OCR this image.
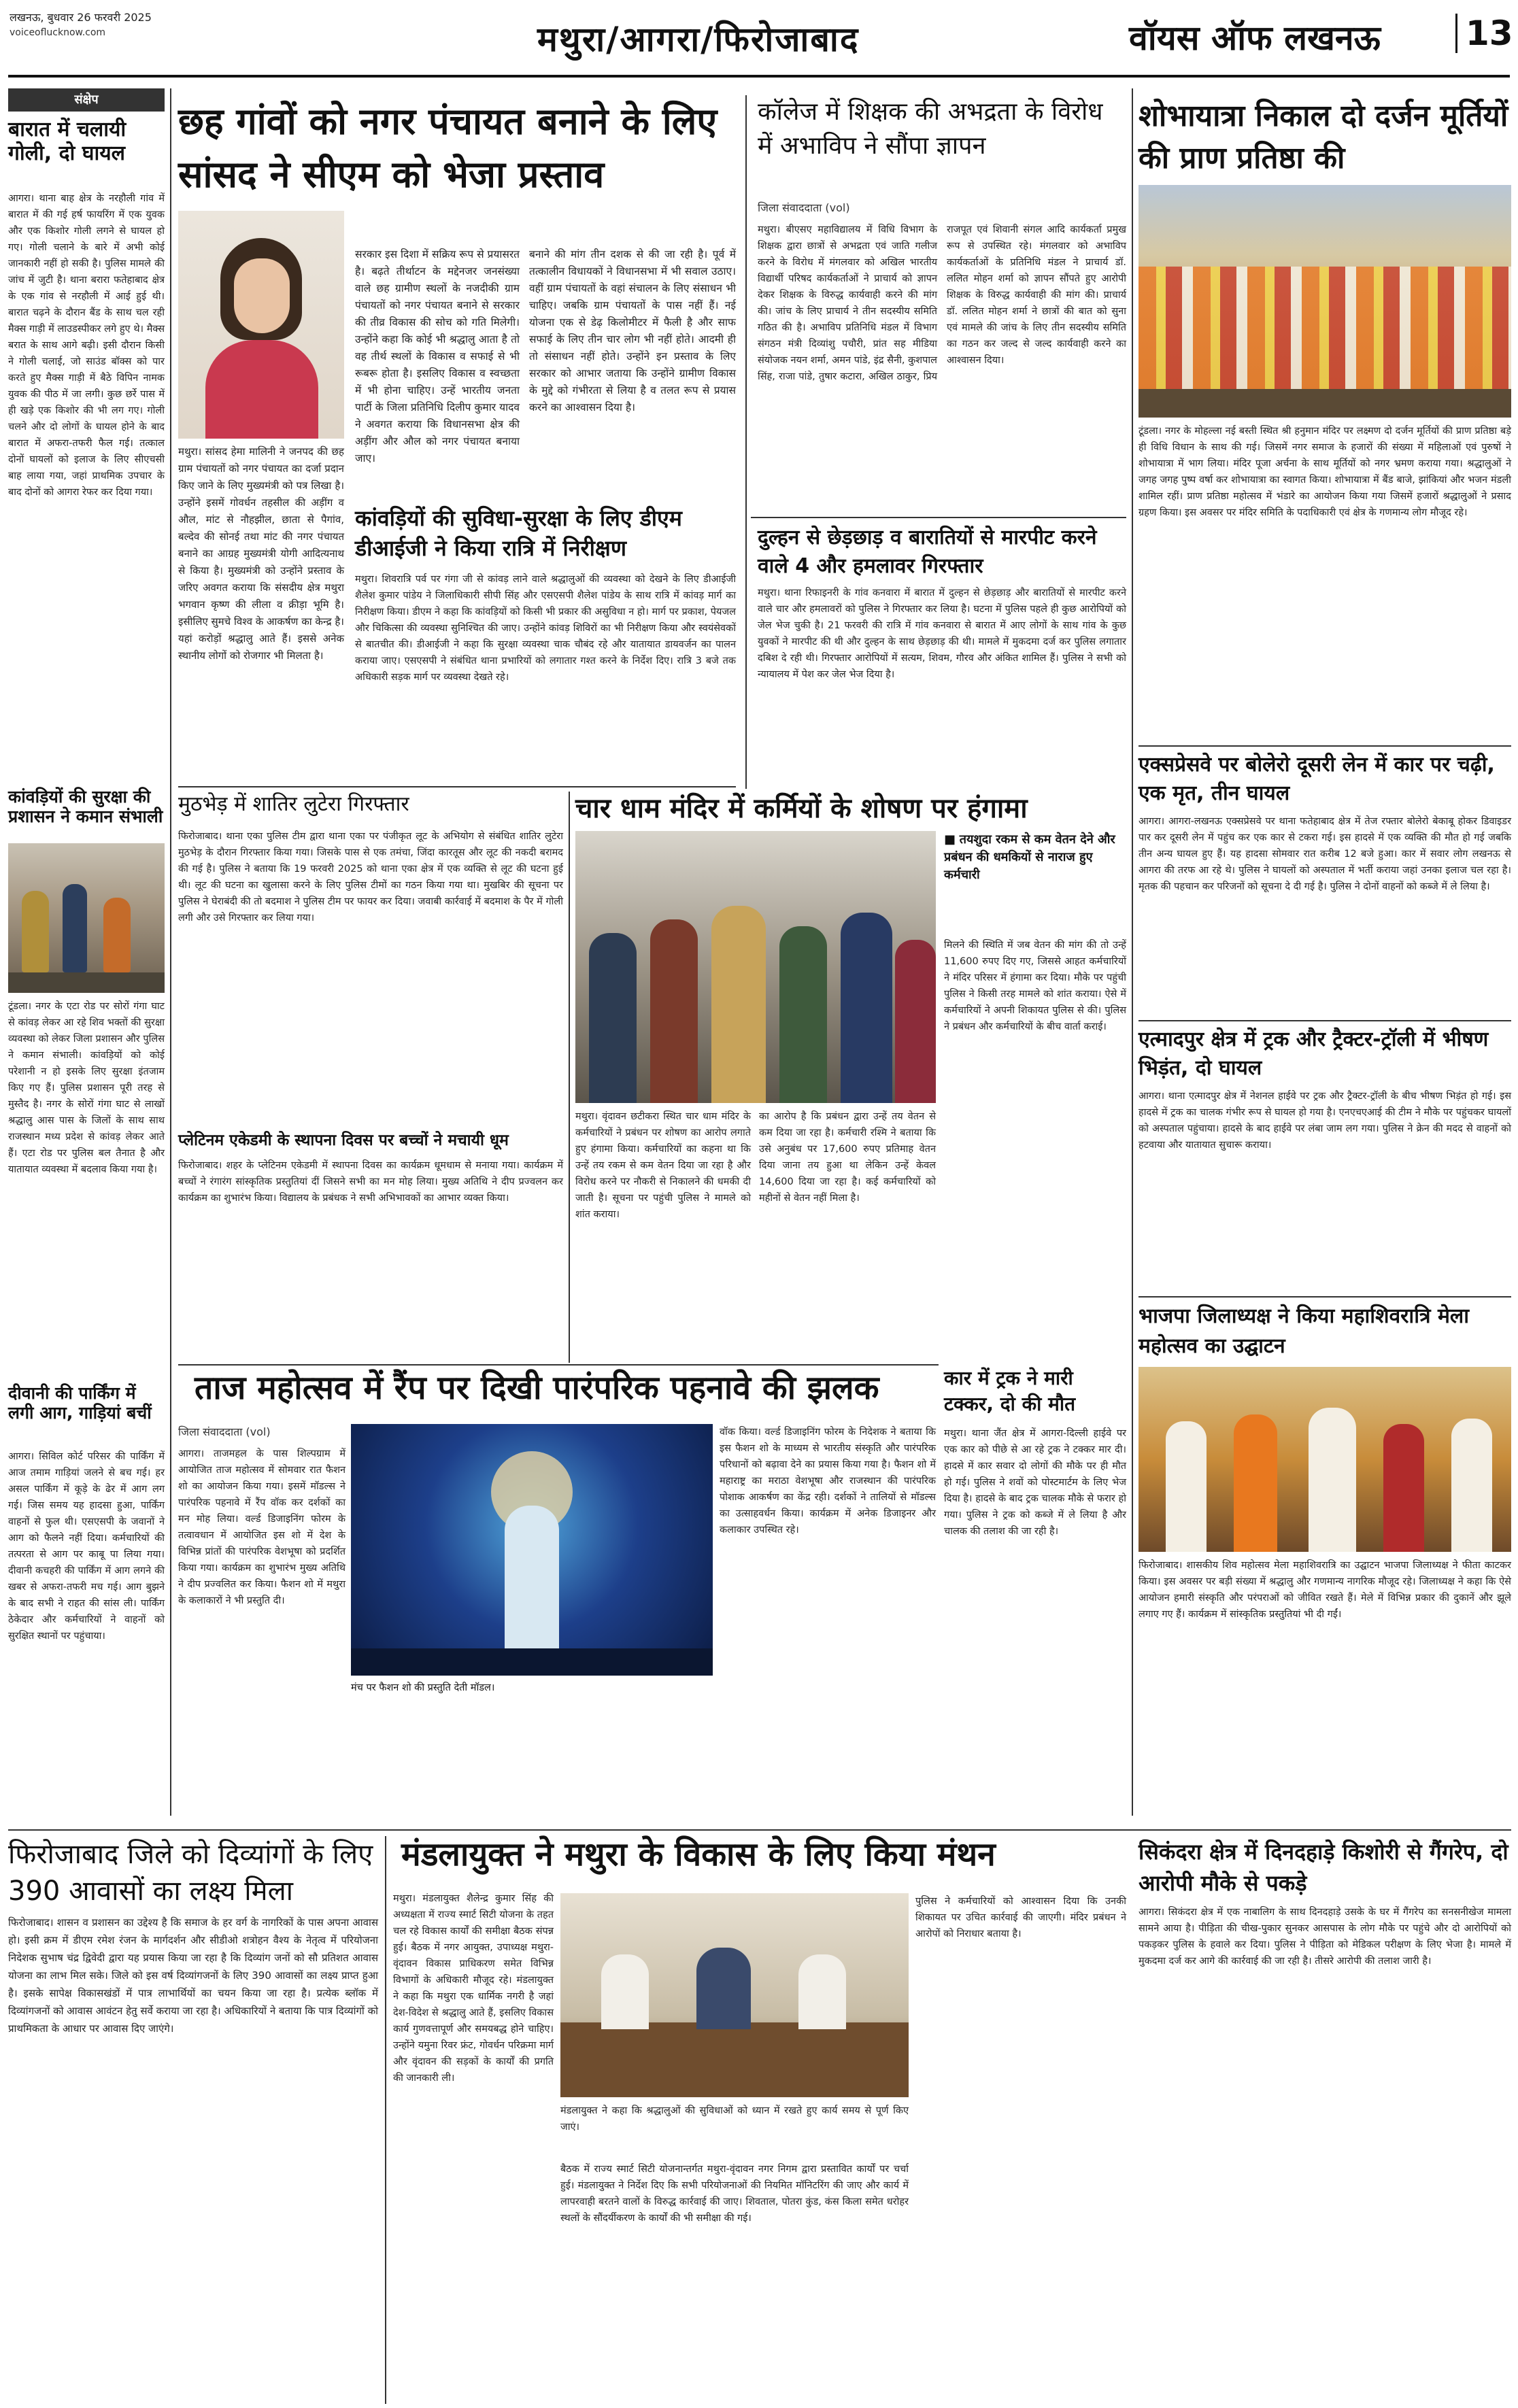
लखनऊ, बुधवार 26 फरवरी 2025
voiceoflucknow.com	मथुरा/आगरा/फिरोजाबाद	वॉयस ऑफ लखनऊ	13
संक्षेप
बारात में चलायी गोली, दो घायल
आगरा। थाना बाह क्षेत्र के नरहौली गांव में बारात में की गई हर्ष फायरिंग में एक युवक और एक किशोर गोली लगने से घायल हो गए। गोली चलाने के बारे में अभी कोई जानकारी नहीं हो सकी है। पुलिस मामले की जांच में जुटी है। थाना बरारा फतेहाबाद क्षेत्र के एक गांव से नरहौली में आई हुई थी। बारात चढ़ने के दौरान बैंड के साथ चल रही मैक्स गाड़ी में लाउडस्पीकर लगे हुए थे। मैक्स बरात के साथ आगे बढ़ी। इसी दौरान किसी ने गोली चलाई, जो साउंड बॉक्स को पार करते हुए मैक्स गाड़ी में बैठे विपिन नामक युवक की पीठ में जा लगी। कुछ छर्रे पास में ही खड़े एक किशोर की भी लग गए। गोली चलने और दो लोगों के घायल होने के बाद बारात में अफरा-तफरी फैल गई। तत्काल दोनों घायलों को इलाज के लिए सीएचसी बाह लाया गया, जहां प्राथमिक उपचार के बाद दोनों को आगरा रेफर कर दिया गया।
कांवड़ियों की सुरक्षा की प्रशासन ने कमान संभाली
टूंडला। नगर के एटा रोड पर सोरों गंगा घाट से कांवड़ लेकर आ रहे शिव भक्तों की सुरक्षा व्यवस्था को लेकर जिला प्रशासन और पुलिस ने कमान संभाली। कांवड़ियों को कोई परेशानी न हो इसके लिए सुरक्षा इंतजाम किए गए हैं। पुलिस प्रशासन पूरी तरह से मुस्तैद है। नगर के सोरों गंगा घाट से लाखों श्रद्धालु आस पास के जिलों के साथ साथ राजस्थान मध्य प्रदेश से कांवड़ लेकर आते हैं। एटा रोड पर पुलिस बल तैनात है और यातायात व्यवस्था में बदलाव किया गया है।
दीवानी की पार्किंग में लगी आग, गाड़ियां बचीं
आगरा। सिविल कोर्ट परिसर की पार्किंग में आज तमाम गाड़ियां जलने से बच गई। हर असल पार्किंग में कूड़े के ढेर में आग लग गई। जिस समय यह हादसा हुआ, पार्किंग वाहनों से फुल थी। एसएसपी के जवानों ने आग को फैलने नहीं दिया। कर्मचारियों की तत्परता से आग पर काबू पा लिया गया। दीवानी कचहरी की पार्किंग में आग लगने की खबर से अफरा-तफरी मच गई। आग बुझने के बाद सभी ने राहत की सांस ली। पार्किंग ठेकेदार और कर्मचारियों ने वाहनों को सुरक्षित स्थानों पर पहुंचाया।
छह गांवों को नगर पंचायत बनाने के लिए सांसद ने सीएम को भेजा प्रस्ताव
मथुरा। सांसद हेमा मालिनी ने जनपद की छह ग्राम पंचायतों को नगर पंचायत का दर्जा प्रदान किए जाने के लिए मुख्यमंत्री को पत्र लिखा है। उन्होंने इसमें गोवर्धन तहसील की अड़ींग व औल, मांट से नौहझील, छाता से पैगांव, बल्देव की सोनई तथा मांट की नगर पंचायत बनाने का आग्रह मुख्यमंत्री योगी आदित्यनाथ से किया है। मुख्यमंत्री को उन्होंने प्रस्ताव के जरिए अवगत कराया कि संसदीय क्षेत्र मथुरा भगवान कृष्ण की लीला व क्रीड़ा भूमि है। इसीलिए सुमचे विश्व के आकर्षण का केन्द्र है। यहां करोड़ों श्रद्धालु आते हैं। इससे अनेक स्थानीय लोगों को रोजगार भी मिलता है।
सरकार इस दिशा में सक्रिय रूप से प्रयासरत है। बढ़ते तीर्थाटन के मद्देनजर जनसंख्या वाले छह ग्रामीण स्थलों के नजदीकी ग्राम पंचायतों को नगर पंचायत बनाने से सरकार की तीव्र विकास की सोच को गति मिलेगी। उन्होंने कहा कि कोई भी श्रद्धालु आता है तो वह तीर्थ स्थलों के विकास व सफाई से भी रूबरू होता है। इसलिए विकास व स्वच्छता में भी होना चाहिए। उन्हें भारतीय जनता पार्टी के जिला प्रतिनिधि दिलीप कुमार यादव ने अवगत कराया कि विधानसभा क्षेत्र की अड़ींग और औल को नगर पंचायत बनाया जाए।
बनाने की मांग तीन दशक से की जा रही है। पूर्व में तत्कालीन विधायकों ने विधानसभा में भी सवाल उठाए। वहीं ग्राम पंचायतों के वहां संचालन के लिए संसाधन भी चाहिए। जबकि ग्राम पंचायतों के पास नहीं हैं। नई योजना एक से डेढ़ किलोमीटर में फैली है और साफ सफाई के लिए तीन चार लोग भी नहीं होते। आदमी ही तो संसाधन नहीं होते। उन्होंने इन प्रस्ताव के लिए सरकार को आभार जताया कि उन्होंने ग्रामीण विकास के मुद्दे को गंभीरता से लिया है व तलत रूप से प्रयास करने का आश्वासन दिया है।
कांवड़ियों की सुविधा-सुरक्षा के लिए डीएम डीआईजी ने किया रात्रि में निरीक्षण
मथुरा। शिवरात्रि पर्व पर गंगा जी से कांवड़ लाने वाले श्रद्धालुओं की व्यवस्था को देखने के लिए डीआईजी शैलेश कुमार पांडेय ने जिलाधिकारी सीपी सिंह और एसएसपी शैलेश पांडेय के साथ रात्रि में कांवड़ मार्ग का निरीक्षण किया। डीएम ने कहा कि कांवड़ियों को किसी भी प्रकार की असुविधा न हो। मार्ग पर प्रकाश, पेयजल और चिकित्सा की व्यवस्था सुनिश्चित की जाए। उन्होंने कांवड़ शिविरों का भी निरीक्षण किया और स्वयंसेवकों से बातचीत की। डीआईजी ने कहा कि सुरक्षा व्यवस्था चाक चौबंद रहे और यातायात डायवर्जन का पालन कराया जाए। एसएसपी ने संबंधित थाना प्रभारियों को लगातार गश्त करने के निर्देश दिए। रात्रि 3 बजे तक अधिकारी सड़क मार्ग पर व्यवस्था देखते रहे।
मुठभेड़ में शातिर लुटेरा गिरफ्तार
फिरोजाबाद। थाना एका पुलिस टीम द्वारा थाना एका पर पंजीकृत लूट के अभियोग से संबंधित शातिर लुटेरा मुठभेड़ के दौरान गिरफ्तार किया गया। जिसके पास से एक तमंचा, जिंदा कारतूस और लूट की नकदी बरामद की गई है। पुलिस ने बताया कि 19 फरवरी 2025 को थाना एका क्षेत्र में एक व्यक्ति से लूट की घटना हुई थी। लूट की घटना का खुलासा करने के लिए पुलिस टीमों का गठन किया गया था। मुखबिर की सूचना पर पुलिस ने घेराबंदी की तो बदमाश ने पुलिस टीम पर फायर कर दिया। जवाबी कार्रवाई में बदमाश के पैर में गोली लगी और उसे गिरफ्तार कर लिया गया।
प्लेटिनम एकेडमी के स्थापना दिवस पर बच्चों ने मचायी धूम
फिरोजाबाद। शहर के प्लेटिनम एकेडमी में स्थापना दिवस का कार्यक्रम धूमधाम से मनाया गया। कार्यक्रम में बच्चों ने रंगारंग सांस्कृतिक प्रस्तुतियां दीं जिसने सभी का मन मोह लिया। मुख्य अतिथि ने दीप प्रज्वलन कर कार्यक्रम का शुभारंभ किया। विद्यालय के प्रबंधक ने सभी अभिभावकों का आभार व्यक्त किया।
चार धाम मंदिर में कर्मियों के शोषण पर हंगामा
■ तयशुदा रकम से कम वेतन देने और प्रबंधन की धमकियों से नाराज हुए कर्मचारी
मिलने की स्थिति में जब वेतन की मांग की तो उन्हें 11,600 रुपए दिए गए, जिससे आहत कर्मचारियों ने मंदिर परिसर में हंगामा कर दिया। मौके पर पहुंची पुलिस ने किसी तरह मामले को शांत कराया। ऐसे में कर्मचारियों ने अपनी शिकायत पुलिस से की। पुलिस ने प्रबंधन और कर्मचारियों के बीच वार्ता कराई।
मथुरा। वृंदावन छटीकरा स्थित चार धाम मंदिर के कर्मचारियों ने प्रबंधन पर शोषण का आरोप लगाते हुए हंगामा किया। कर्मचारियों का कहना था कि उन्हें तय रकम से कम वेतन दिया जा रहा है और विरोध करने पर नौकरी से निकालने की धमकी दी जाती है। सूचना पर पहुंची पुलिस ने मामले को शांत कराया।
का आरोप है कि प्रबंधन द्वारा उन्हें तय वेतन से कम दिया जा रहा है। कर्मचारी रश्मि ने बताया कि उसे अनुबंध पर 17,600 रुपए प्रतिमाह वेतन दिया जाना तय हुआ था लेकिन उन्हें केवल 14,600 दिया जा रहा है। कई कर्मचारियों को महीनों से वेतन नहीं मिला है।
कॉलेज में शिक्षक की अभद्रता के विरोध में अभाविप ने सौंपा ज्ञापन
जिला संवाददाता (vol)
मथुरा। बीएसए महाविद्यालय में विधि विभाग के शिक्षक द्वारा छात्रों से अभद्रता एवं जाति गलीज करने के विरोध में मंगलवार को अखिल भारतीय विद्यार्थी परिषद कार्यकर्ताओं ने प्राचार्य को ज्ञापन देकर शिक्षक के विरुद्ध कार्यवाही करने की मांग की। जांच के लिए प्राचार्य ने तीन सदस्यीय समिति गठित की है। अभाविप प्रतिनिधि मंडल में विभाग संगठन मंत्री दिव्यांशु पचौरी, प्रांत सह मीडिया संयोजक नयन शर्मा, अमन पांडे, इंद्र सैनी, कुशपाल सिंह, राजा पांडे, तुषार कटारा, अखिल ठाकुर, प्रिय राजपूत एवं शिवानी संगल आदि कार्यकर्ता प्रमुख रूप से उपस्थित रहे। मंगलवार को अभाविप कार्यकर्ताओं के प्रतिनिधि मंडल ने प्राचार्य डॉ. ललित मोहन शर्मा को ज्ञापन सौंपते हुए आरोपी शिक्षक के विरुद्ध कार्यवाही की मांग की। प्राचार्य डॉ. ललित मोहन शर्मा ने छात्रों की बात को सुना एवं मामले की जांच के लिए तीन सदस्यीय समिति का गठन कर जल्द से जल्द कार्यवाही करने का आश्वासन दिया।
दुल्हन से छेड़छाड़ व बारातियों से मारपीट करने वाले 4 और हमलावर गिरफ्तार
मथुरा। थाना रिफाइनरी के गांव कनवारा में बारात में दुल्हन से छेड़छाड़ और बारातियों से मारपीट करने वाले चार और हमलावरों को पुलिस ने गिरफ्तार कर लिया है। घटना में पुलिस पहले ही कुछ आरोपियों को जेल भेज चुकी है। 21 फरवरी की रात्रि में गांव कनवारा से बारात में आए लोगों के साथ गांव के कुछ युवकों ने मारपीट की थी और दुल्हन के साथ छेड़छाड़ की थी। मामले में मुकदमा दर्ज कर पुलिस लगातार दबिश दे रही थी। गिरफ्तार आरोपियों में सत्यम, शिवम, गौरव और अंकित शामिल हैं। पुलिस ने सभी को न्यायालय में पेश कर जेल भेज दिया है।
शोभायात्रा निकाल दो दर्जन मूर्तियों की प्राण प्रतिष्ठा की
टूंडला। नगर के मोहल्ला नई बस्ती स्थित श्री हनुमान मंदिर पर लक्ष्मण दो दर्जन मूर्तियों की प्राण प्रतिष्ठा बड़े ही विधि विधान के साथ की गई। जिसमें नगर समाज के हजारों की संख्या में महिलाओं एवं पुरुषों ने शोभायात्रा में भाग लिया। मंदिर पूजा अर्चना के साथ मूर्तियों को नगर भ्रमण कराया गया। श्रद्धालुओं ने जगह जगह पुष्प वर्षा कर शोभायात्रा का स्वागत किया। शोभायात्रा में बैंड बाजे, झांकियां और भजन मंडली शामिल रहीं। प्राण प्रतिष्ठा महोत्सव में भंडारे का आयोजन किया गया जिसमें हजारों श्रद्धालुओं ने प्रसाद ग्रहण किया। इस अवसर पर मंदिर समिति के पदाधिकारी एवं क्षेत्र के गणमान्य लोग मौजूद रहे।
एक्सप्रेसवे पर बोलेरो दूसरी लेन में कार पर चढ़ी, एक मृत, तीन घायल
आगरा। आगरा-लखनऊ एक्सप्रेसवे पर थाना फतेहाबाद क्षेत्र में तेज रफ्तार बोलेरो बेकाबू होकर डिवाइडर पार कर दूसरी लेन में पहुंच कर एक कार से टकरा गई। इस हादसे में एक व्यक्ति की मौत हो गई जबकि तीन अन्य घायल हुए हैं। यह हादसा सोमवार रात करीब 12 बजे हुआ। कार में सवार लोग लखनऊ से आगरा की तरफ आ रहे थे। पुलिस ने घायलों को अस्पताल में भर्ती कराया जहां उनका इलाज चल रहा है। मृतक की पहचान कर परिजनों को सूचना दे दी गई है। पुलिस ने दोनों वाहनों को कब्जे में ले लिया है।
एत्मादपुर क्षेत्र में ट्रक और ट्रैक्टर-ट्रॉली में भीषण भिड़ंत, दो घायल
आगरा। थाना एत्मादपुर क्षेत्र में नेशनल हाईवे पर ट्रक और ट्रैक्टर-ट्रॉली के बीच भीषण भिड़ंत हो गई। इस हादसे में ट्रक का चालक गंभीर रूप से घायल हो गया है। एनएचएआई की टीम ने मौके पर पहुंचकर घायलों को अस्पताल पहुंचाया। हादसे के बाद हाईवे पर लंबा जाम लग गया। पुलिस ने क्रेन की मदद से वाहनों को हटवाया और यातायात सुचारू कराया।
कार में ट्रक ने मारी टक्कर, दो की मौत
मथुरा। थाना जैंत क्षेत्र में आगरा-दिल्ली हाईवे पर एक कार को पीछे से आ रहे ट्रक ने टक्कर मार दी। हादसे में कार सवार दो लोगों की मौके पर ही मौत हो गई। पुलिस ने शवों को पोस्टमार्टम के लिए भेज दिया है। हादसे के बाद ट्रक चालक मौके से फरार हो गया। पुलिस ने ट्रक को कब्जे में ले लिया है और चालक की तलाश की जा रही है।
भाजपा जिलाध्यक्ष ने किया महाशिवरात्रि मेला महोत्सव का उद्घाटन
फिरोजाबाद। शासकीय शिव महोत्सव मेला महाशिवरात्रि का उद्घाटन भाजपा जिलाध्यक्ष ने फीता काटकर किया। इस अवसर पर बड़ी संख्या में श्रद्धालु और गणमान्य नागरिक मौजूद रहे। जिलाध्यक्ष ने कहा कि ऐसे आयोजन हमारी संस्कृति और परंपराओं को जीवित रखते हैं। मेले में विभिन्न प्रकार की दुकानें और झूले लगाए गए हैं। कार्यक्रम में सांस्कृतिक प्रस्तुतियां भी दी गईं।
ताज महोत्सव में रैंप पर दिखी पारंपरिक पहनावे की झलक
जिला संवाददाता (vol)
आगरा। ताजमहल के पास शिल्पग्राम में आयोजित ताज महोत्सव में सोमवार रात फैशन शो का आयोजन किया गया। इसमें मॉडल्स ने पारंपरिक पहनावे में रैंप वॉक कर दर्शकों का मन मोह लिया। वर्ल्ड डिजाइनिंग फोरम के तत्वावधान में आयोजित इस शो में देश के विभिन्न प्रांतों की पारंपरिक वेशभूषा को प्रदर्शित किया गया। कार्यक्रम का शुभारंभ मुख्य अतिथि ने दीप प्रज्वलित कर किया। फैशन शो में मथुरा के कलाकारों ने भी प्रस्तुति दी।
मंच पर फैशन शो की प्रस्तुति देती मॉडल।
वॉक किया। वर्ल्ड डिजाइनिंग फोरम के निदेशक ने बताया कि इस फैशन शो के माध्यम से भारतीय संस्कृति और पारंपरिक परिधानों को बढ़ावा देने का प्रयास किया गया है। फैशन शो में महाराष्ट्र का मराठा वेशभूषा और राजस्थान की पारंपरिक पोशाक आकर्षण का केंद्र रही। दर्शकों ने तालियों से मॉडल्स का उत्साहवर्धन किया। कार्यक्रम में अनेक डिजाइनर और कलाकार उपस्थित रहे।
फिरोजाबाद जिले को दिव्यांगों के लिए 390 आवासों का लक्ष्य मिला
फिरोजाबाद। शासन व प्रशासन का उद्देश्य है कि समाज के हर वर्ग के नागरिकों के पास अपना आवास हो। इसी क्रम में डीएम रमेश रंजन के मार्गदर्शन और सीडीओ शत्रोहन वैश्य के नेतृत्व में परियोजना निदेशक सुभाष चंद्र द्विवेदी द्वारा यह प्रयास किया जा रहा है कि दिव्यांग जनों को सौ प्रतिशत आवास योजना का लाभ मिल सके। जिले को इस वर्ष दिव्यांगजनों के लिए 390 आवासों का लक्ष्य प्राप्त हुआ है। इसके सापेक्ष विकासखंडों में पात्र लाभार्थियों का चयन किया जा रहा है। प्रत्येक ब्लॉक में दिव्यांगजनों को आवास आवंटन हेतु सर्वे कराया जा रहा है। अधिकारियों ने बताया कि पात्र दिव्यांगों को प्राथमिकता के आधार पर आवास दिए जाएंगे।
मंडलायुक्त ने मथुरा के विकास के लिए किया मंथन
मथुरा। मंडलायुक्त शैलेन्द्र कुमार सिंह की अध्यक्षता में राज्य स्मार्ट सिटी योजना के तहत चल रहे विकास कार्यों की समीक्षा बैठक संपन्न हुई। बैठक में नगर आयुक्त, उपाध्यक्ष मथुरा-वृंदावन विकास प्राधिकरण समेत विभिन्न विभागों के अधिकारी मौजूद रहे। मंडलायुक्त ने कहा कि मथुरा एक धार्मिक नगरी है जहां देश-विदेश से श्रद्धालु आते हैं, इसलिए विकास कार्य गुणवत्तापूर्ण और समयबद्ध होने चाहिए। उन्होंने यमुना रिवर फ्रंट, गोवर्धन परिक्रमा मार्ग और वृंदावन की सड़कों के कार्यों की प्रगति की जानकारी ली।
मंडलायुक्त ने कहा कि श्रद्धालुओं की सुविधाओं को ध्यान में रखते हुए कार्य समय से पूर्ण किए जाएं।
बैठक में राज्य स्मार्ट सिटी योजनान्तर्गत मथुरा-वृंदावन नगर निगम द्वारा प्रस्तावित कार्यों पर चर्चा हुई। मंडलायुक्त ने निर्देश दिए कि सभी परियोजनाओं की नियमित मॉनिटरिंग की जाए और कार्य में लापरवाही बरतने वालों के विरुद्ध कार्रवाई की जाए। शिवताल, पोतरा कुंड, कंस किला समेत धरोहर स्थलों के सौंदर्यीकरण के कार्यों की भी समीक्षा की गई।
पुलिस ने कर्मचारियों को आश्वासन दिया कि उनकी शिकायत पर उचित कार्रवाई की जाएगी। मंदिर प्रबंधन ने आरोपों को निराधार बताया है।
सिकंदरा क्षेत्र में दिनदहाड़े किशोरी से गैंगरेप, दो आरोपी मौके से पकड़े
आगरा। सिकंदरा क्षेत्र में एक नाबालिग के साथ दिनदहाड़े उसके के घर में गैंगरेप का सनसनीखेज मामला सामने आया है। पीड़िता की चीख-पुकार सुनकर आसपास के लोग मौके पर पहुंचे और दो आरोपियों को पकड़कर पुलिस के हवाले कर दिया। पुलिस ने पीड़िता को मेडिकल परीक्षण के लिए भेजा है। मामले में मुकदमा दर्ज कर आगे की कार्रवाई की जा रही है। तीसरे आरोपी की तलाश जारी है।
